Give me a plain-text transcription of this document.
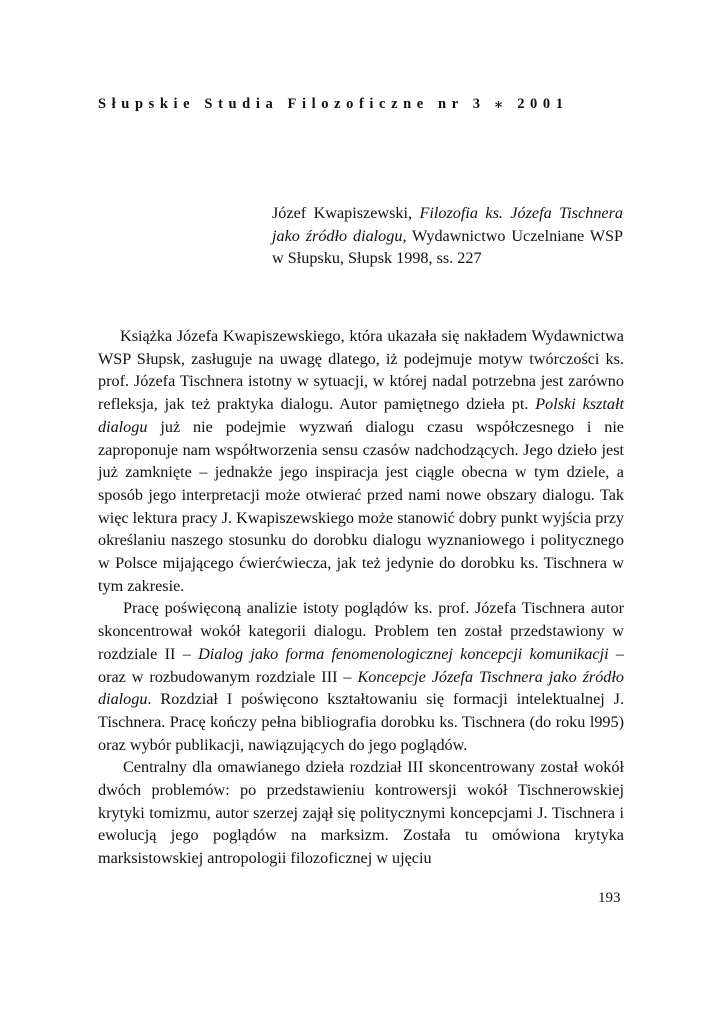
Słupskie Studia Filozoficzne nr 3 ⁎ 2001
Józef Kwapiszewski, Filozofia ks. Józefa Tischnera jako źródło dialogu, Wydawnictwo Uczelniane WSP w Słupsku, Słupsk 1998, ss. 227

Książka Józefa Kwapiszewskiego, która ukazała się nakładem Wydawnictwa WSP Słupsk, zasługuje na uwagę dlatego, iż podejmuje motyw twórczości ks. prof. Józefa Tischnera istotny w sytuacji, w której nadal potrzebna jest zarówno refleksja, jak też praktyka dialogu. Autor pamiętnego dzieła pt. Polski kształt dialogu już nie podejmie wyzwań dialogu czasu współczesnego i nie zaproponuje nam współtworzenia sensu czasów nadchodzących. Jego dzieło jest już zamknięte – jednakże jego inspiracja jest ciągle obecna w tym dziele, a sposób jego interpretacji może otwierać przed nami nowe obszary dialogu. Tak więc lektura pracy J. Kwapiszewskiego może stanowić dobry punkt wyjścia przy określaniu naszego stosunku do dorobku dialogu wyznaniowego i politycznego w Polsce mijającego ćwierćwiecza, jak też jedynie do dorobku ks. Tischnera w tym zakresie.

Pracę poświęconą analizie istoty poglądów ks. prof. Józefa Tischnera autor skoncentrował wokół kategorii dialogu. Problem ten został przedstawiony w rozdziale II – Dialog jako forma fenomenologicznej koncepcji komunikacji – oraz w rozbudowanym rozdziale III – Koncepcje Józefa Tischnera jako źródło dialogu. Rozdział I poświęcono kształtowaniu się formacji intelektualnej J. Tischnera. Pracę kończy pełna bibliografia dorobku ks. Tischnera (do roku l995) oraz wybór publikacji, nawiązujących do jego poglądów.

Centralny dla omawianego dzieła rozdział III skoncentrowany został wokół dwóch problemów: po przedstawieniu kontrowersji wokół Tischnerowskiej krytyki tomizmu, autor szerzej zajął się politycznymi koncepcjami J. Tischnera i ewolucją jego poglądów na marksizm. Została tu omówiona krytyka marksistowskiej antropologii filozoficznej w ujęciu

193
